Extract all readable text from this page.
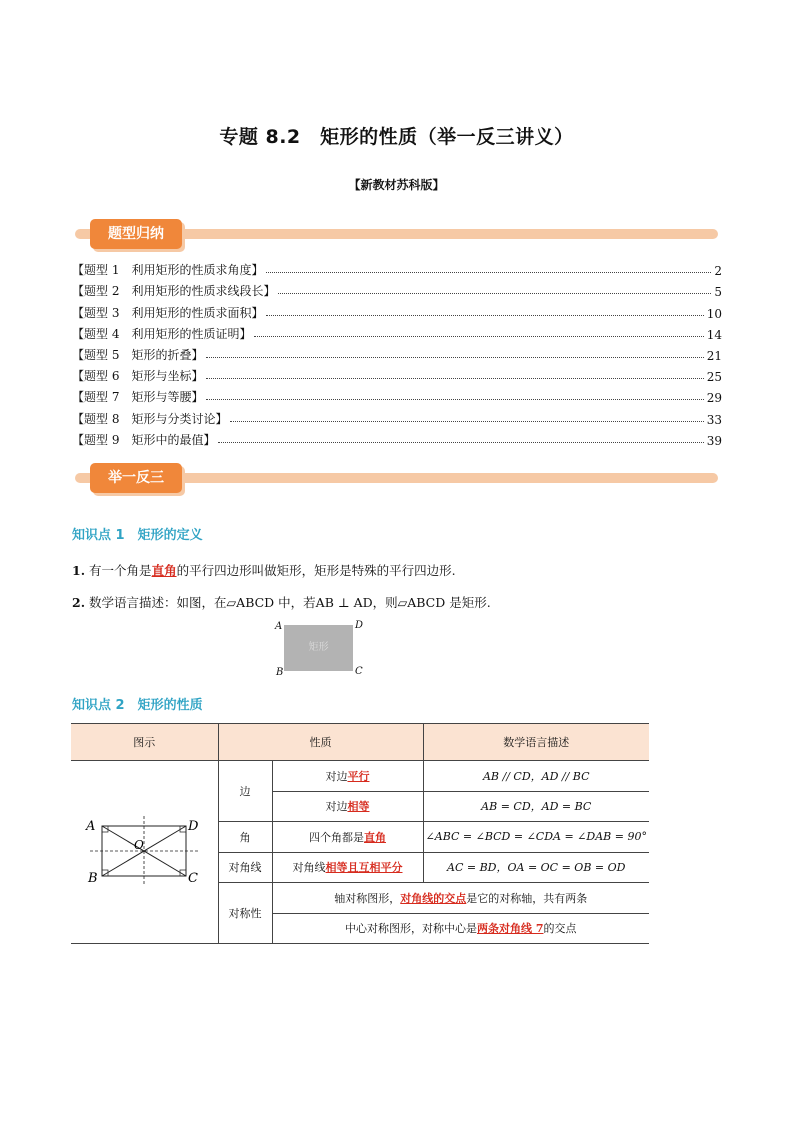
专题 8.2　矩形的性质（举一反三讲义）
【新教材苏科版】
题型归纳
【题型 1　利用矩形的性质求角度】	2
【题型 2　利用矩形的性质求线段长】	5
【题型 3　利用矩形的性质求面积】	10
【题型 4　利用矩形的性质证明】	14
【题型 5　矩形的折叠】	21
【题型 6　矩形与坐标】	25
【题型 7　矩形与等腰】	29
【题型 8　矩形与分类讨论】	33
【题型 9　矩形中的最值】	39
举一反三
知识点 1　矩形的定义
1. 有一个角是直角的平行四边形叫做矩形，矩形是特殊的平行四边形.
2. 数学语言描述：如图，在▱ABCD 中，若AB ⊥ AD，则▱ABCD 是矩形.
矩形
A	D
B	C
知识点 2　矩形的性质
图示	性质		数学语言描述

A D
B C
O	边	对边平行	AB // CD，AD // BC
		对边相等	AB = CD，AD = BC
	角	四个角都是直角	∠ABC = ∠BCD = ∠CDA = ∠DAB = 90°
	对角线	对角线相等且互相平分	AC = BD，OA = OC = OB = OD
	对称性	轴对称图形，对角线的交点是它的对称轴，共有两条	
		中心对称图形，对称中心是两条对角线 7的交点	
